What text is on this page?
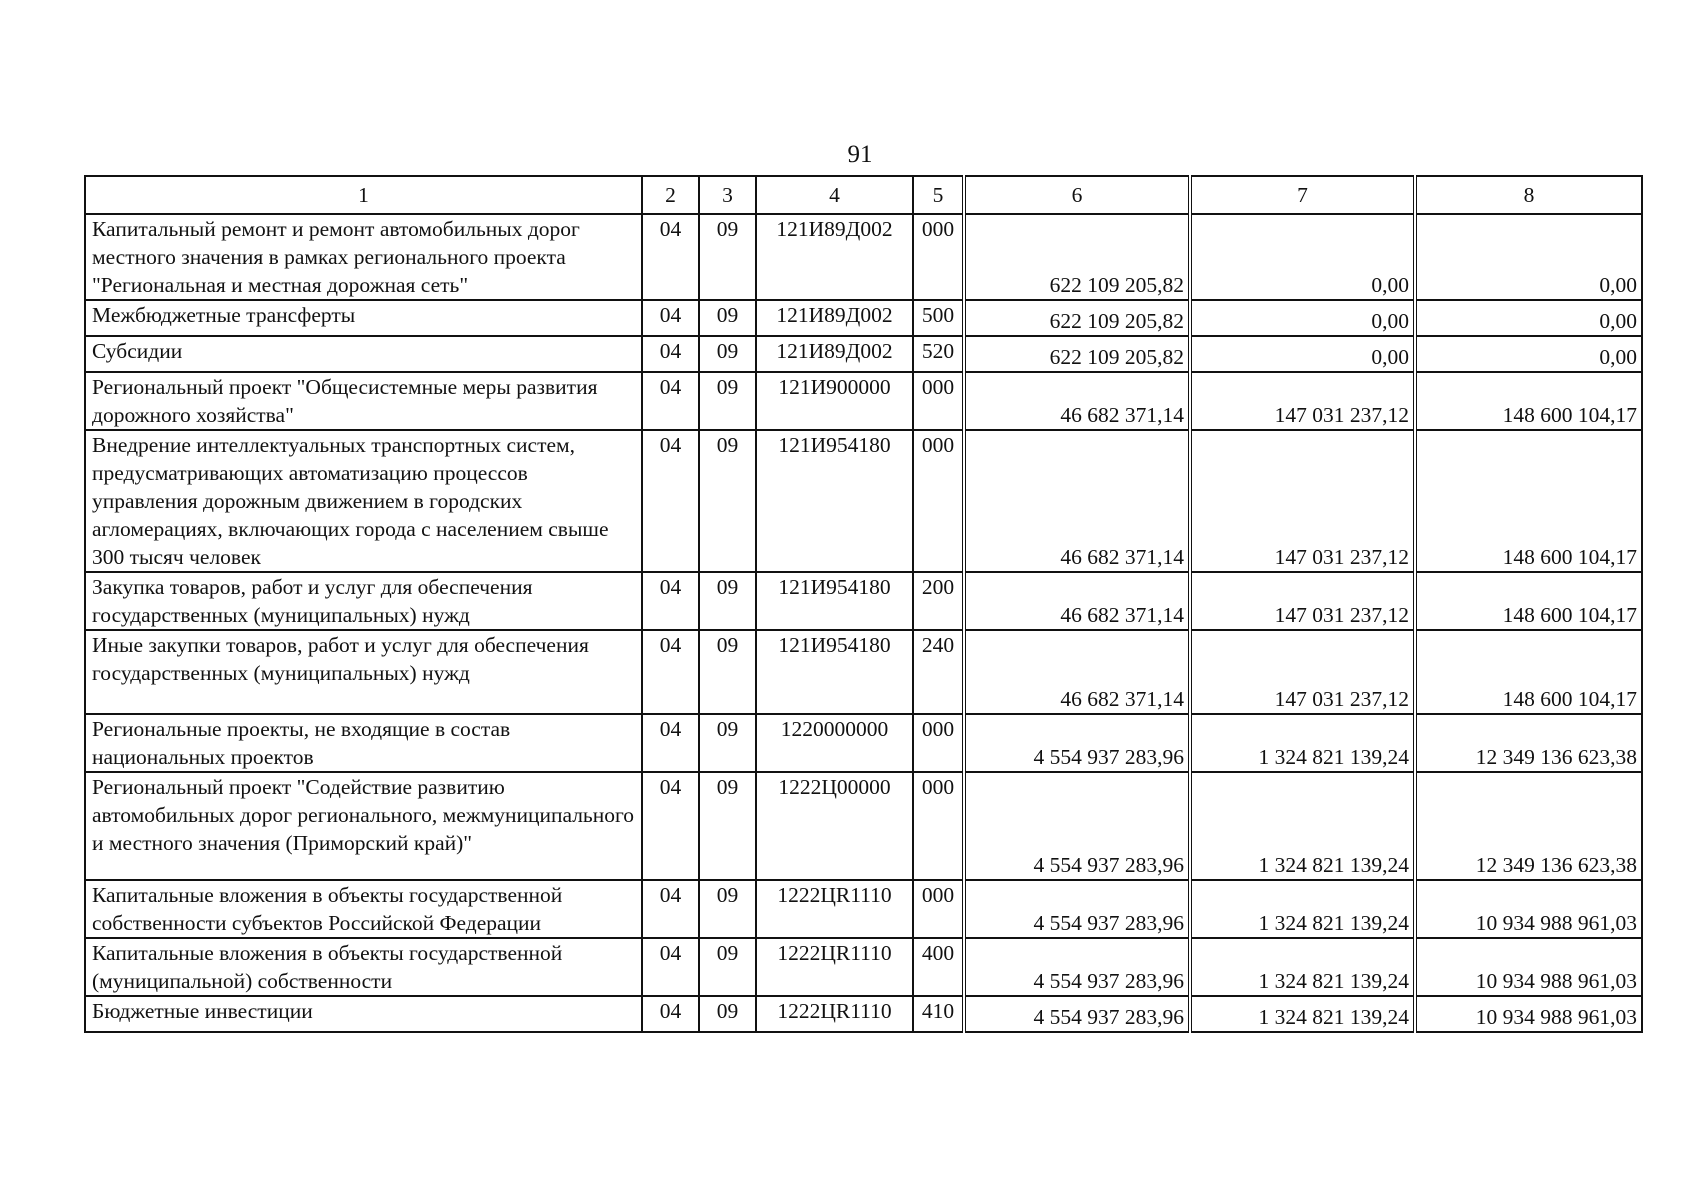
91
1	2	3	4	5	6	7	8
Капитальный ремонт и ремонт автомобильных дорог местного значения в рамках регионального проекта "Региональная и местная дорожная сеть"	04	09	121И89Д002	000	622 109 205,82	0,00	0,00
Межбюджетные трансферты	04	09	121И89Д002	500	622 109 205,82	0,00	0,00
Субсидии	04	09	121И89Д002	520	622 109 205,82	0,00	0,00
Региональный проект "Общесистемные меры развития дорожного хозяйства"	04	09	121И900000	000	46 682 371,14	147 031 237,12	148 600 104,17
Внедрение интеллектуальных транспортных систем, предусматривающих автоматизацию процессов управления дорожным движением в городских агломерациях, включающих города с населением свыше 300 тысяч человек	04	09	121И954180	000	46 682 371,14	147 031 237,12	148 600 104,17
Закупка товаров, работ и услуг для обеспечения государственных (муниципальных) нужд	04	09	121И954180	200	46 682 371,14	147 031 237,12	148 600 104,17
Иные закупки товаров, работ и услуг для обеспечения государственных (муниципальных) нужд	04	09	121И954180	240	46 682 371,14	147 031 237,12	148 600 104,17
Региональные проекты, не входящие в состав национальных проектов	04	09	1220000000	000	4 554 937 283,96	1 324 821 139,24	12 349 136 623,38
Региональный проект "Содействие развитию автомобильных дорог регионального, межмуниципального и местного значения (Приморский край)"	04	09	1222Ц00000	000	4 554 937 283,96	1 324 821 139,24	12 349 136 623,38
Капитальные вложения в объекты государственной собственности субъектов Российской Федерации	04	09	1222ЦR1110	000	4 554 937 283,96	1 324 821 139,24	10 934 988 961,03
Капитальные вложения в объекты государственной (муниципальной) собственности	04	09	1222ЦR1110	400	4 554 937 283,96	1 324 821 139,24	10 934 988 961,03
Бюджетные инвестиции	04	09	1222ЦR1110	410	4 554 937 283,96	1 324 821 139,24	10 934 988 961,03
